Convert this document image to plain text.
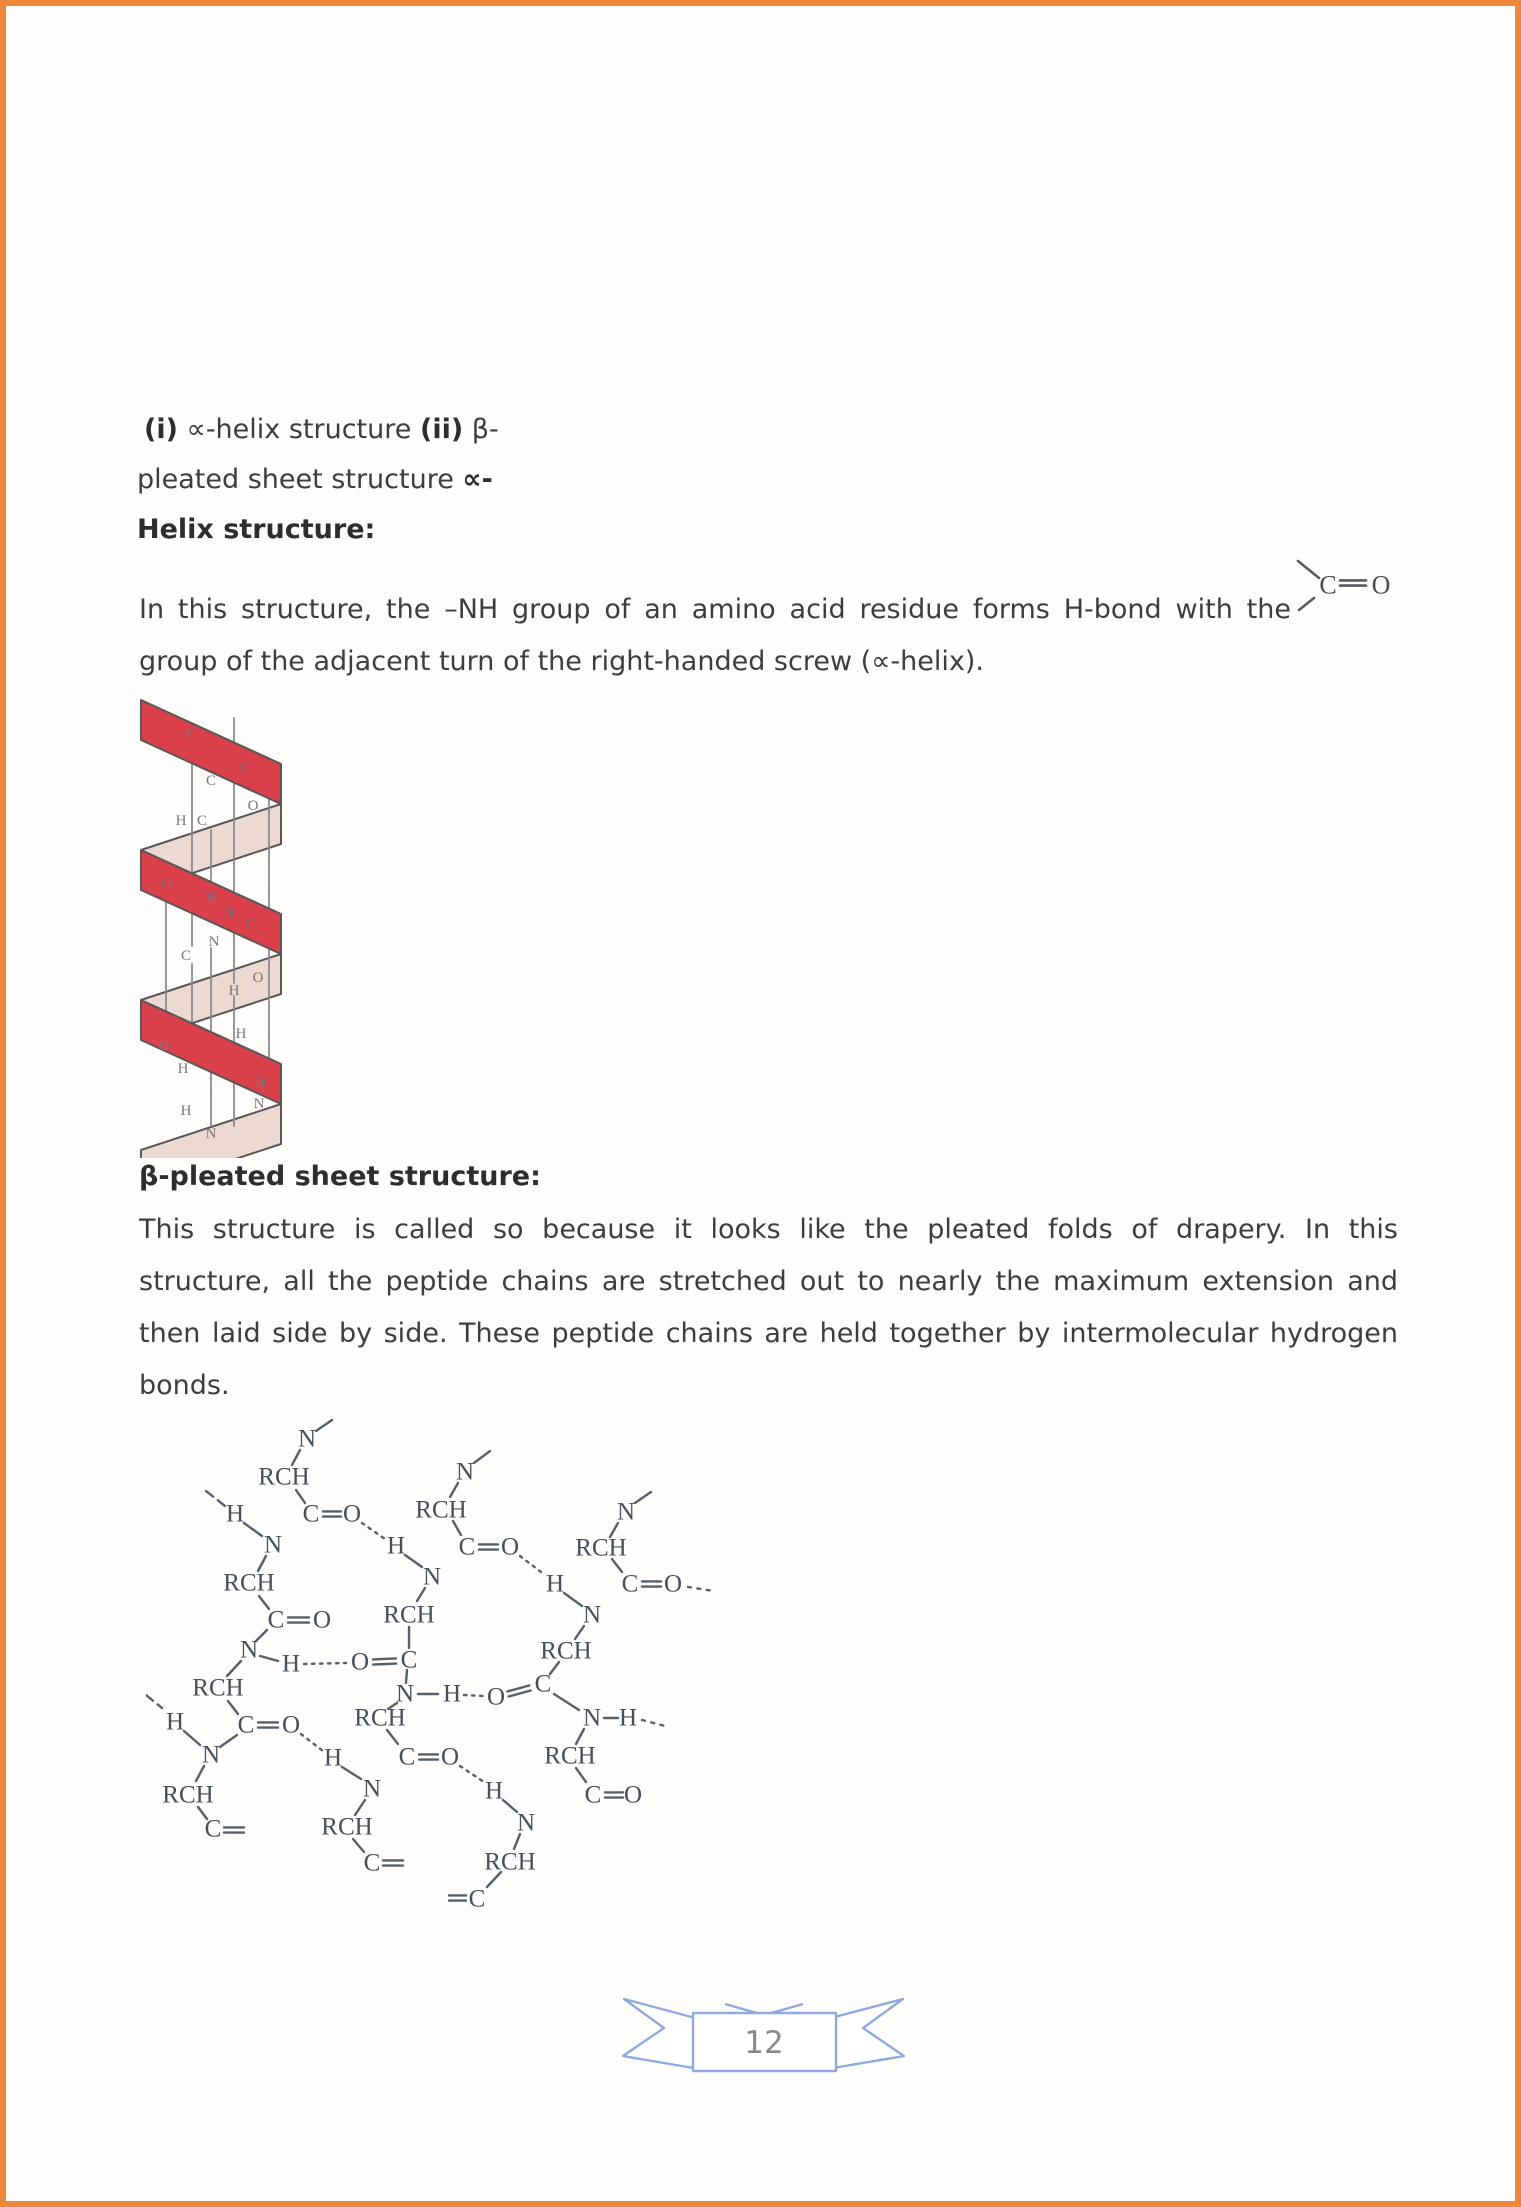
(i) ∝-helix structure (ii) β-
pleated sheet structure ∝-
Helix structure:
In this structure, the –NH group of an amino acid residue forms H-bond with the
group of the adjacent turn of the right-handed screw (∝-helix).
C O
C
C
C
O
H C
O
H
N
C
N
C
O
H
H
O
H
N
N
H
N
β-pleated sheet structure:
This structure is called so because it looks like the pleated folds of drapery. In this
structure, all the peptide chains are stretched out to nearly the maximum extension and
then laid side by side. These peptide chains are held together by intermolecular hydrogen
bonds.
N
RCH
C O
H
N
RCH
C O
N
H
RCH
C O
H
N
RCH
C
N
RCH
C O
H
N
RCH
C
O
N H
RCH
C O
H
N
RCH
C
N
RCH
C O
H
N
RCH
C
O
N H
RCH
C O
H
N
RCH
C
12
